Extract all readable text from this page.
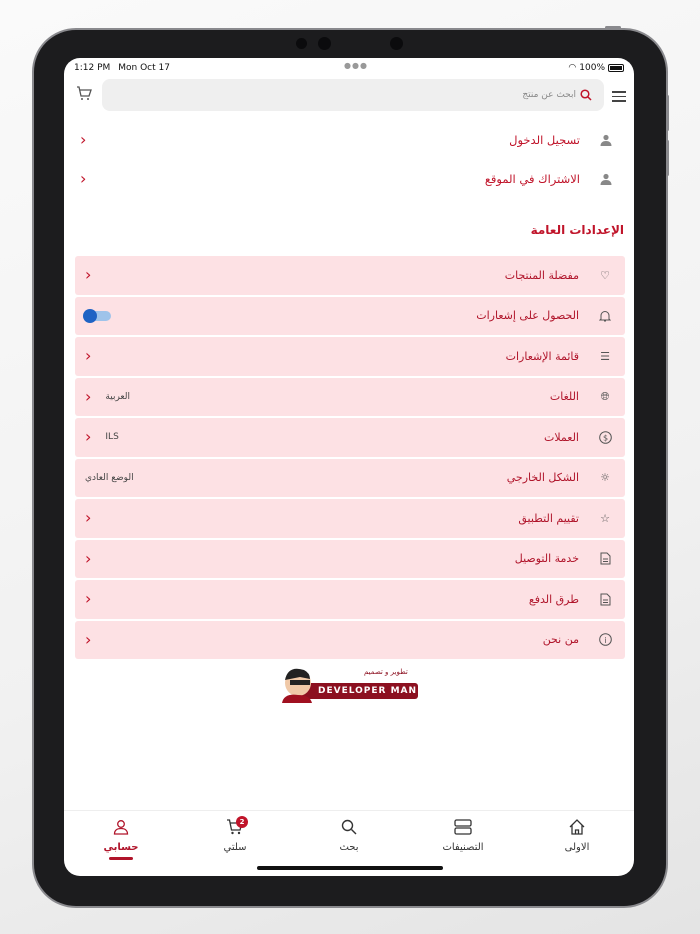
1:12 PM Mon Oct 17	●●●	◠ 100%
ابحث عن منتج
تسجيل الدخول
‹
الاشتراك في الموقع
‹
الإعدادات العامة
♡
مفضلة المنتجات
‹
الحصول على إشعارات
☰
قائمة الإشعارات
‹
🌐︎
اللغات
العربية
‹
$
العملات
ILS
‹
☼
الشكل الخارجي
الوضع العادي
☆
تقييم التطبيق
‹
خدمة التوصيل
‹
طرق الدفع
‹
i
من نحن
‹
تطوير و تصميم
DEVELOPER MAN
الاولى
التصنيفات
بحث
2
سلتي
حسابي
